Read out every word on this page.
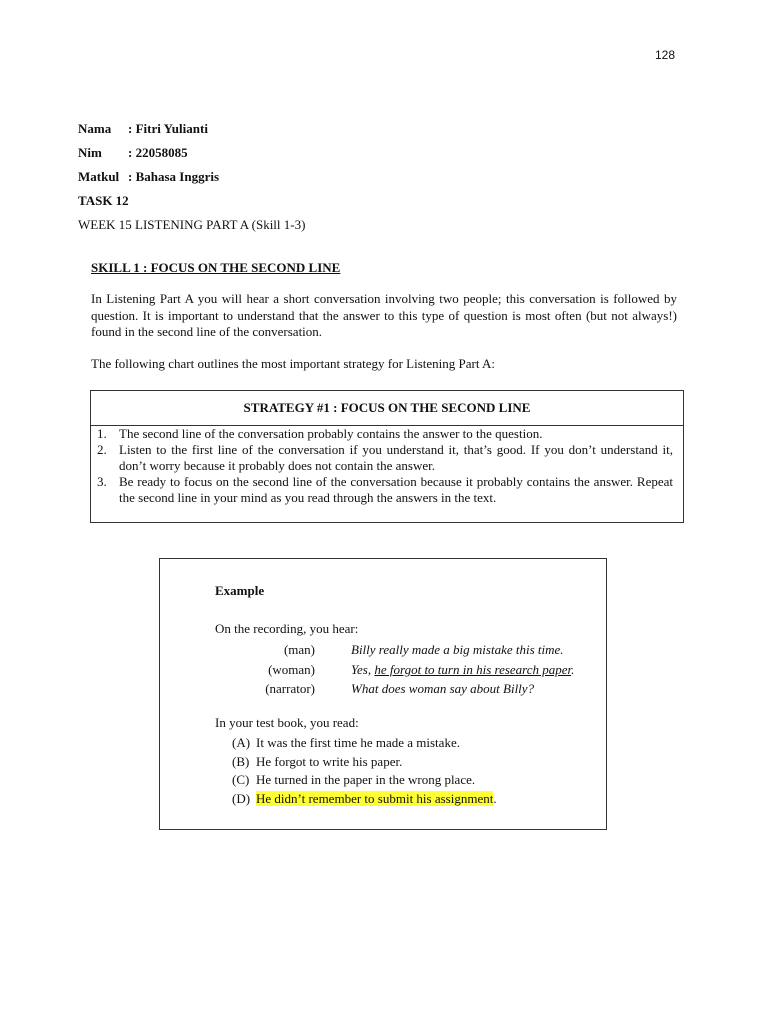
128
Nama : Fitri Yulianti
Nim : 22058085
Matkul : Bahasa Inggris
TASK 12
WEEK 15 LISTENING PART A (Skill 1-3)
SKILL 1 : FOCUS ON THE SECOND LINE
In Listening Part A you will hear a short conversation involving two people; this conversation is followed by question. It is important to understand that the answer to this type of question is most often (but not always!) found in the second line of the conversation.
The following chart outlines the most important strategy for Listening Part A:
STRATEGY #1 : FOCUS ON THE SECOND LINE
1. The second line of the conversation probably contains the answer to the question.
2. Listen to the first line of the conversation if you understand it, that’s good. If you don’t understand it, don’t worry because it probably does not contain the answer.
3. Be ready to focus on the second line of the conversation because it probably contains the answer. Repeat the second line in your mind as you read through the answers in the text.
Example
On the recording, you hear:
(man)	Billy really made a big mistake this time.
(woman)	Yes, he forgot to turn in his research paper.
(narrator)	What does woman say about Billy?
In your test book, you read:
(A) It was the first time he made a mistake.
(B) He forgot to write his paper.
(C) He turned in the paper in the wrong place.
(D) He didn’t remember to submit his assignment.
